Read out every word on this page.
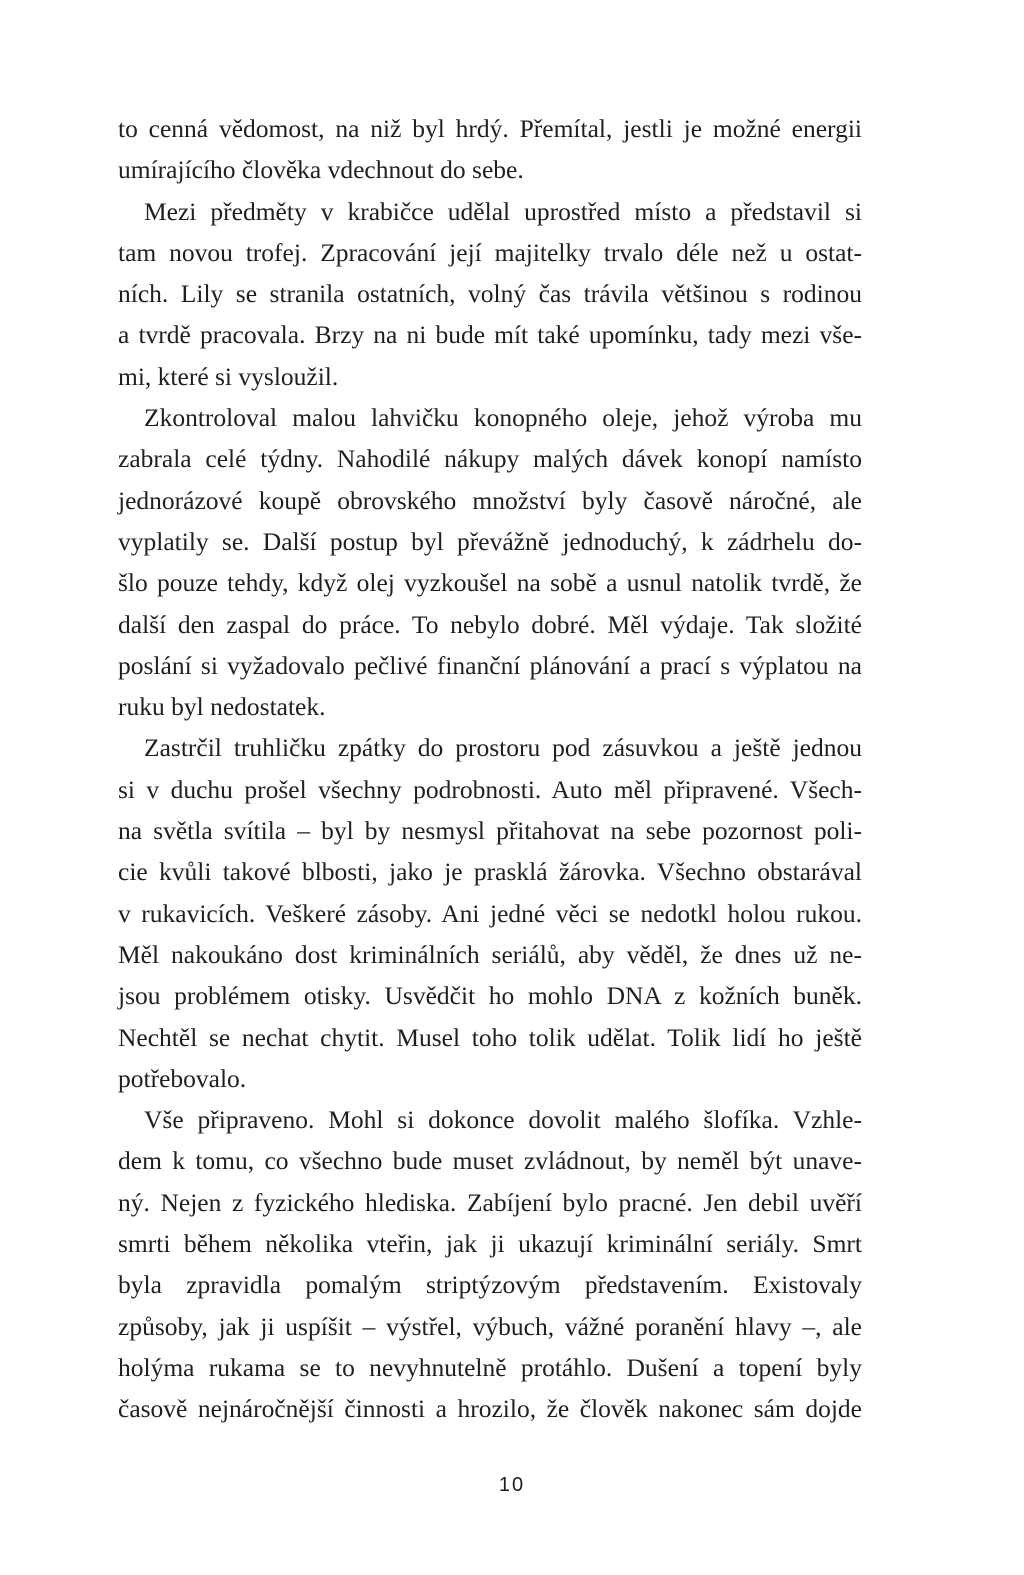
to cenná vědomost, na niž byl hrdý. Přemítal, jestli je možné energii
umírajícího člověka vdechnout do sebe.
Mezi předměty v krabičce udělal uprostřed místo a představil si
tam novou trofej. Zpracování její majitelky trvalo déle než u ostat-
ních. Lily se stranila ostatních, volný čas trávila většinou s rodinou
a tvrdě pracovala. Brzy na ni bude mít také upomínku, tady mezi vše-
mi, které si vysloužil.
Zkontroloval malou lahvičku konopného oleje, jehož výroba mu
zabrala celé týdny. Nahodilé nákupy malých dávek konopí namísto
jednorázové koupě obrovského množství byly časově náročné, ale
vyplatily se. Další postup byl převážně jednoduchý, k zádrhelu do-
šlo pouze tehdy, když olej vyzkoušel na sobě a usnul natolik tvrdě, že
další den zaspal do práce. To nebylo dobré. Měl výdaje. Tak složité
poslání si vyžadovalo pečlivé finanční plánování a prací s výplatou na
ruku byl nedostatek.
Zastrčil truhličku zpátky do prostoru pod zásuvkou a ještě jednou
si v duchu prošel všechny podrobnosti. Auto měl připravené. Všech-
na světla svítila – byl by nesmysl přitahovat na sebe pozornost poli-
cie kvůli takové blbosti, jako je prasklá žárovka. Všechno obstarával
v rukavicích. Veškeré zásoby. Ani jedné věci se nedotkl holou rukou.
Měl nakoukáno dost kriminálních seriálů, aby věděl, že dnes už ne-
jsou problémem otisky. Usvědčit ho mohlo DNA z kožních buněk.
Nechtěl se nechat chytit. Musel toho tolik udělat. Tolik lidí ho ještě
potřebovalo.
Vše připraveno. Mohl si dokonce dovolit malého šlofíka. Vzhle-
dem k tomu, co všechno bude muset zvládnout, by neměl být unave-
ný. Nejen z fyzického hlediska. Zabíjení bylo pracné. Jen debil uvěří
smrti během několika vteřin, jak ji ukazují kriminální seriály. Smrt
byla zpravidla pomalým striptýzovým představením. Existovaly
způsoby, jak ji uspíšit – výstřel, výbuch, vážné poranění hlavy –, ale
holýma rukama se to nevyhnutelně protáhlo. Dušení a topení byly
časově nejnáročnější činnosti a hrozilo, že člověk nakonec sám dojde
10
